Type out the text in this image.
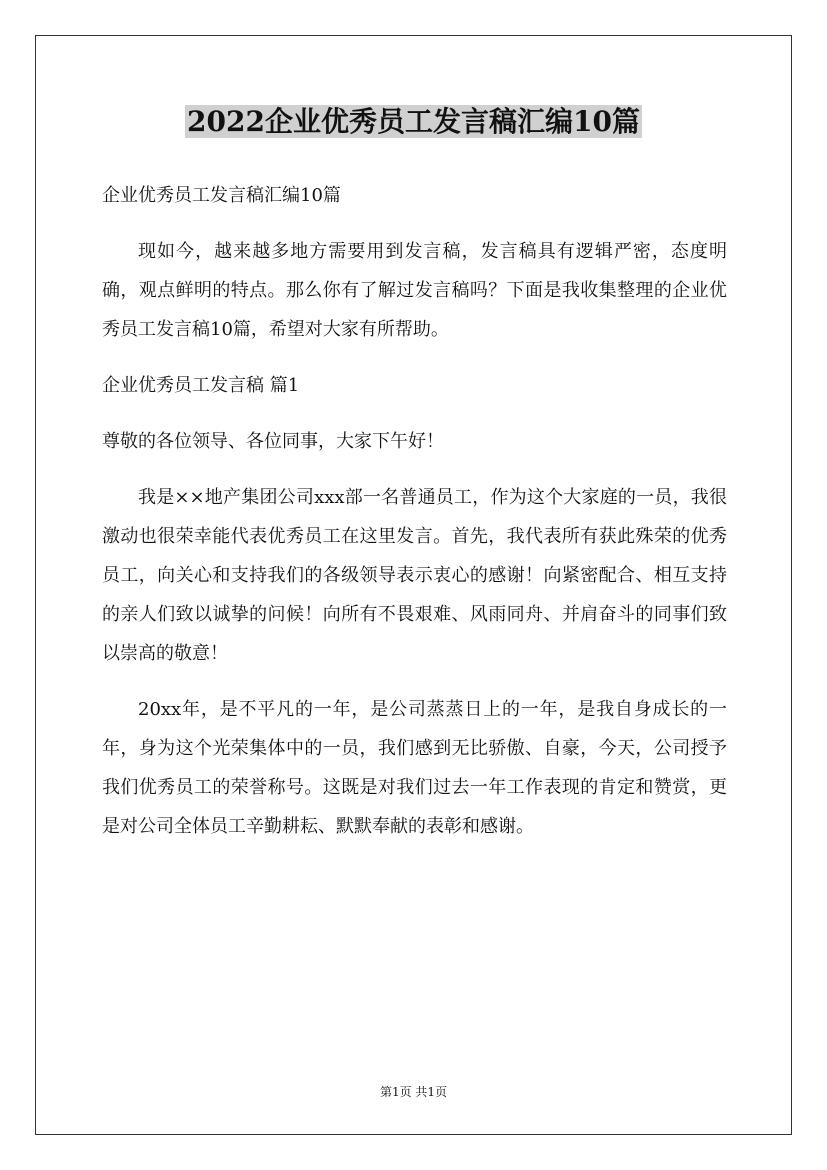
2022企业优秀员工发言稿汇编10篇

企业优秀员工发言稿汇编10篇

现如今，越来越多地方需要用到发言稿，发言稿具有逻辑严密，态度明确，观点鲜明的特点。那么你有了解过发言稿吗？下面是我收集整理的企业优秀员工发言稿10篇，希望对大家有所帮助。

企业优秀员工发言稿 篇1

尊敬的各位领导、各位同事，大家下午好！

我是××地产集团公司xxx部一名普通员工，作为这个大家庭的一员，我很激动也很荣幸能代表优秀员工在这里发言。首先，我代表所有获此殊荣的优秀员工，向关心和支持我们的各级领导表示衷心的感谢！向紧密配合、相互支持的亲人们致以诚挚的问候！向所有不畏艰难、风雨同舟、并肩奋斗的同事们致以崇高的敬意！

20xx年，是不平凡的一年，是公司蒸蒸日上的一年，是我自身成长的一年，身为这个光荣集体中的一员，我们感到无比骄傲、自豪，今天，公司授予我们优秀员工的荣誉称号。这既是对我们过去一年工作表现的肯定和赞赏，更是对公司全体员工辛勤耕耘、默默奉献的表彰和感谢。

第1页 共1页
